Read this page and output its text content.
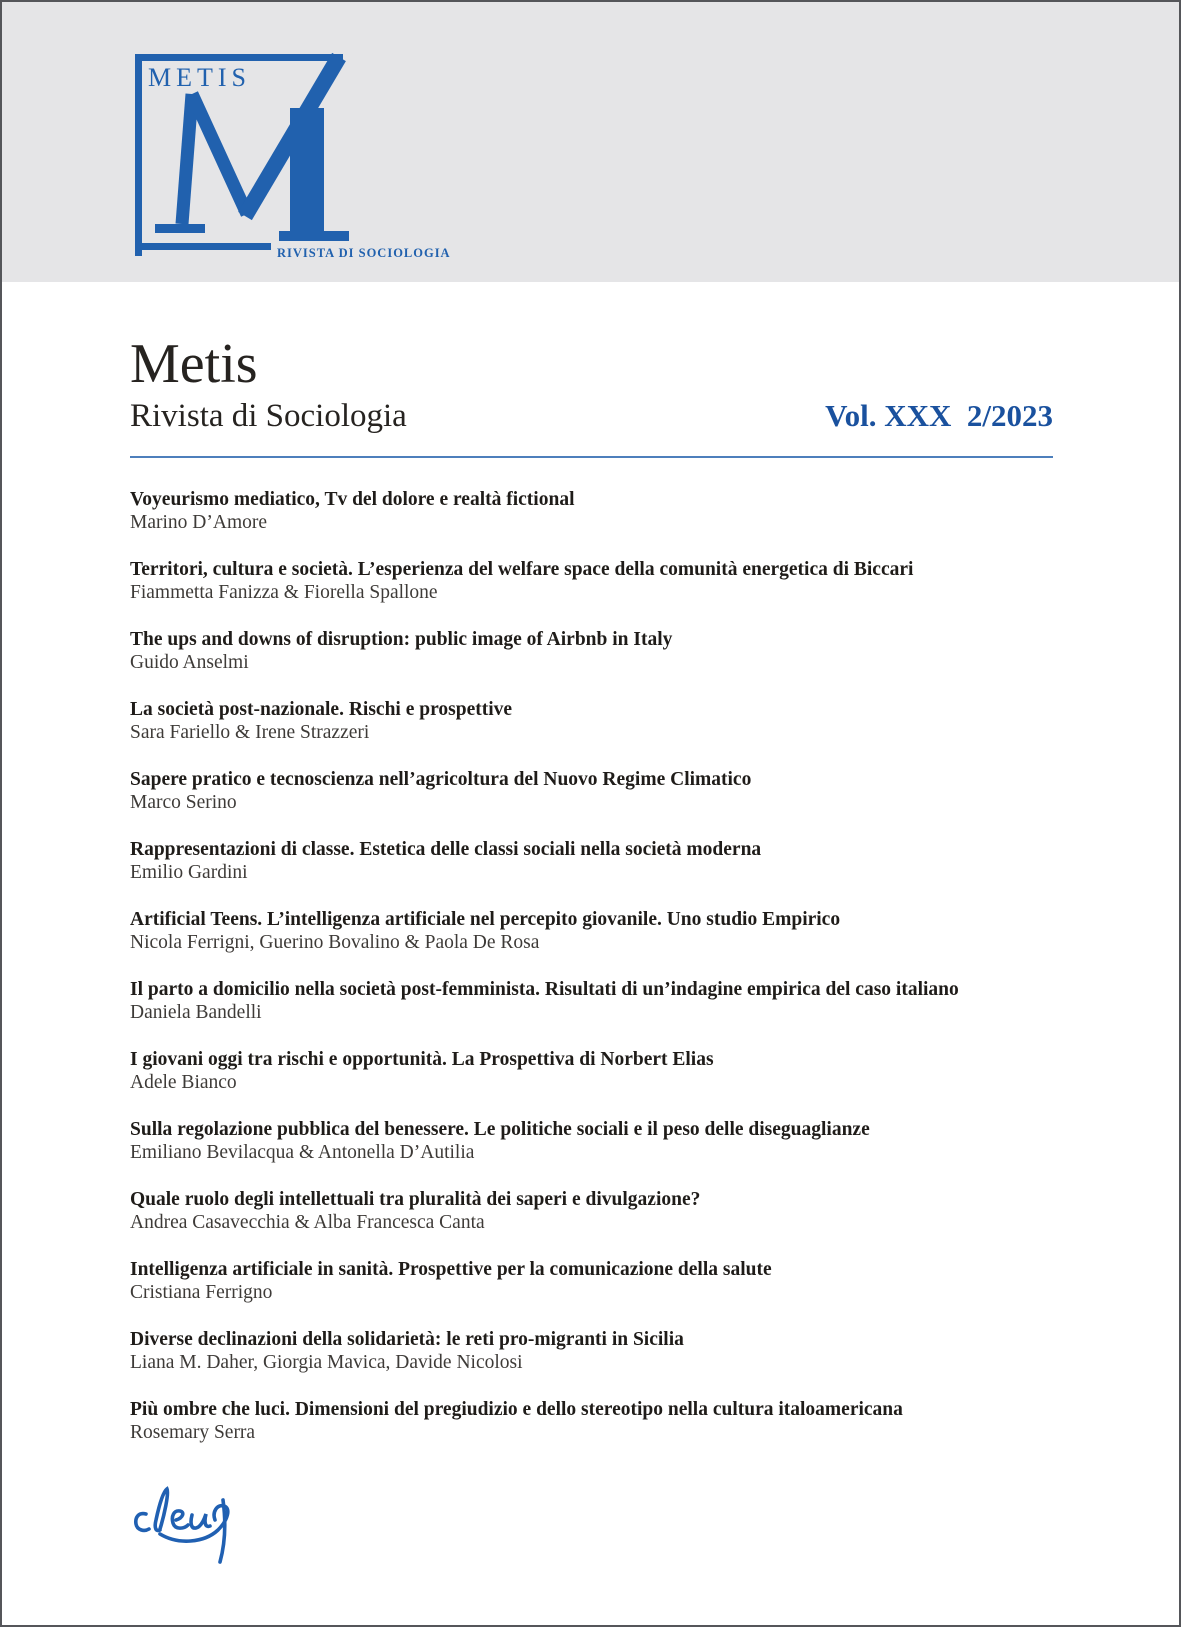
METIS
RIVISTA DI SOCIOLOGIA
Metis
Rivista di Sociologia	Vol. XXX  2/2023
Voyeurismo mediatico, Tv del dolore e realtà fictional
Marino D’Amore
Territori, cultura e società. L’esperienza del welfare space della comunità energetica di Biccari
Fiammetta Fanizza & Fiorella Spallone
The ups and downs of disruption: public image of Airbnb in Italy
Guido Anselmi
La società post-nazionale. Rischi e prospettive
Sara Fariello & Irene Strazzeri
Sapere pratico e tecnoscienza nell’agricoltura del Nuovo Regime Climatico
Marco Serino
Rappresentazioni di classe. Estetica delle classi sociali nella società moderna
Emilio Gardini
Artificial Teens. L’intelligenza artificiale nel percepito giovanile. Uno studio Empirico
Nicola Ferrigni, Guerino Bovalino & Paola De Rosa
Il parto a domicilio nella società post-femminista. Risultati di un’indagine empirica del caso italiano
Daniela Bandelli
I giovani oggi tra rischi e opportunità. La Prospettiva di Norbert Elias
Adele Bianco
Sulla regolazione pubblica del benessere. Le politiche sociali e il peso delle diseguaglianze
Emiliano Bevilacqua & Antonella D’Autilia
Quale ruolo degli intellettuali tra pluralità dei saperi e divulgazione?
Andrea Casavecchia & Alba Francesca Canta
Intelligenza artificiale in sanità. Prospettive per la comunicazione della salute
Cristiana Ferrigno
Diverse declinazioni della solidarietà: le reti pro-migranti in Sicilia
Liana M. Daher, Giorgia Mavica, Davide Nicolosi
Più ombre che luci. Dimensioni del pregiudizio e dello stereotipo nella cultura italoamericana
Rosemary Serra
